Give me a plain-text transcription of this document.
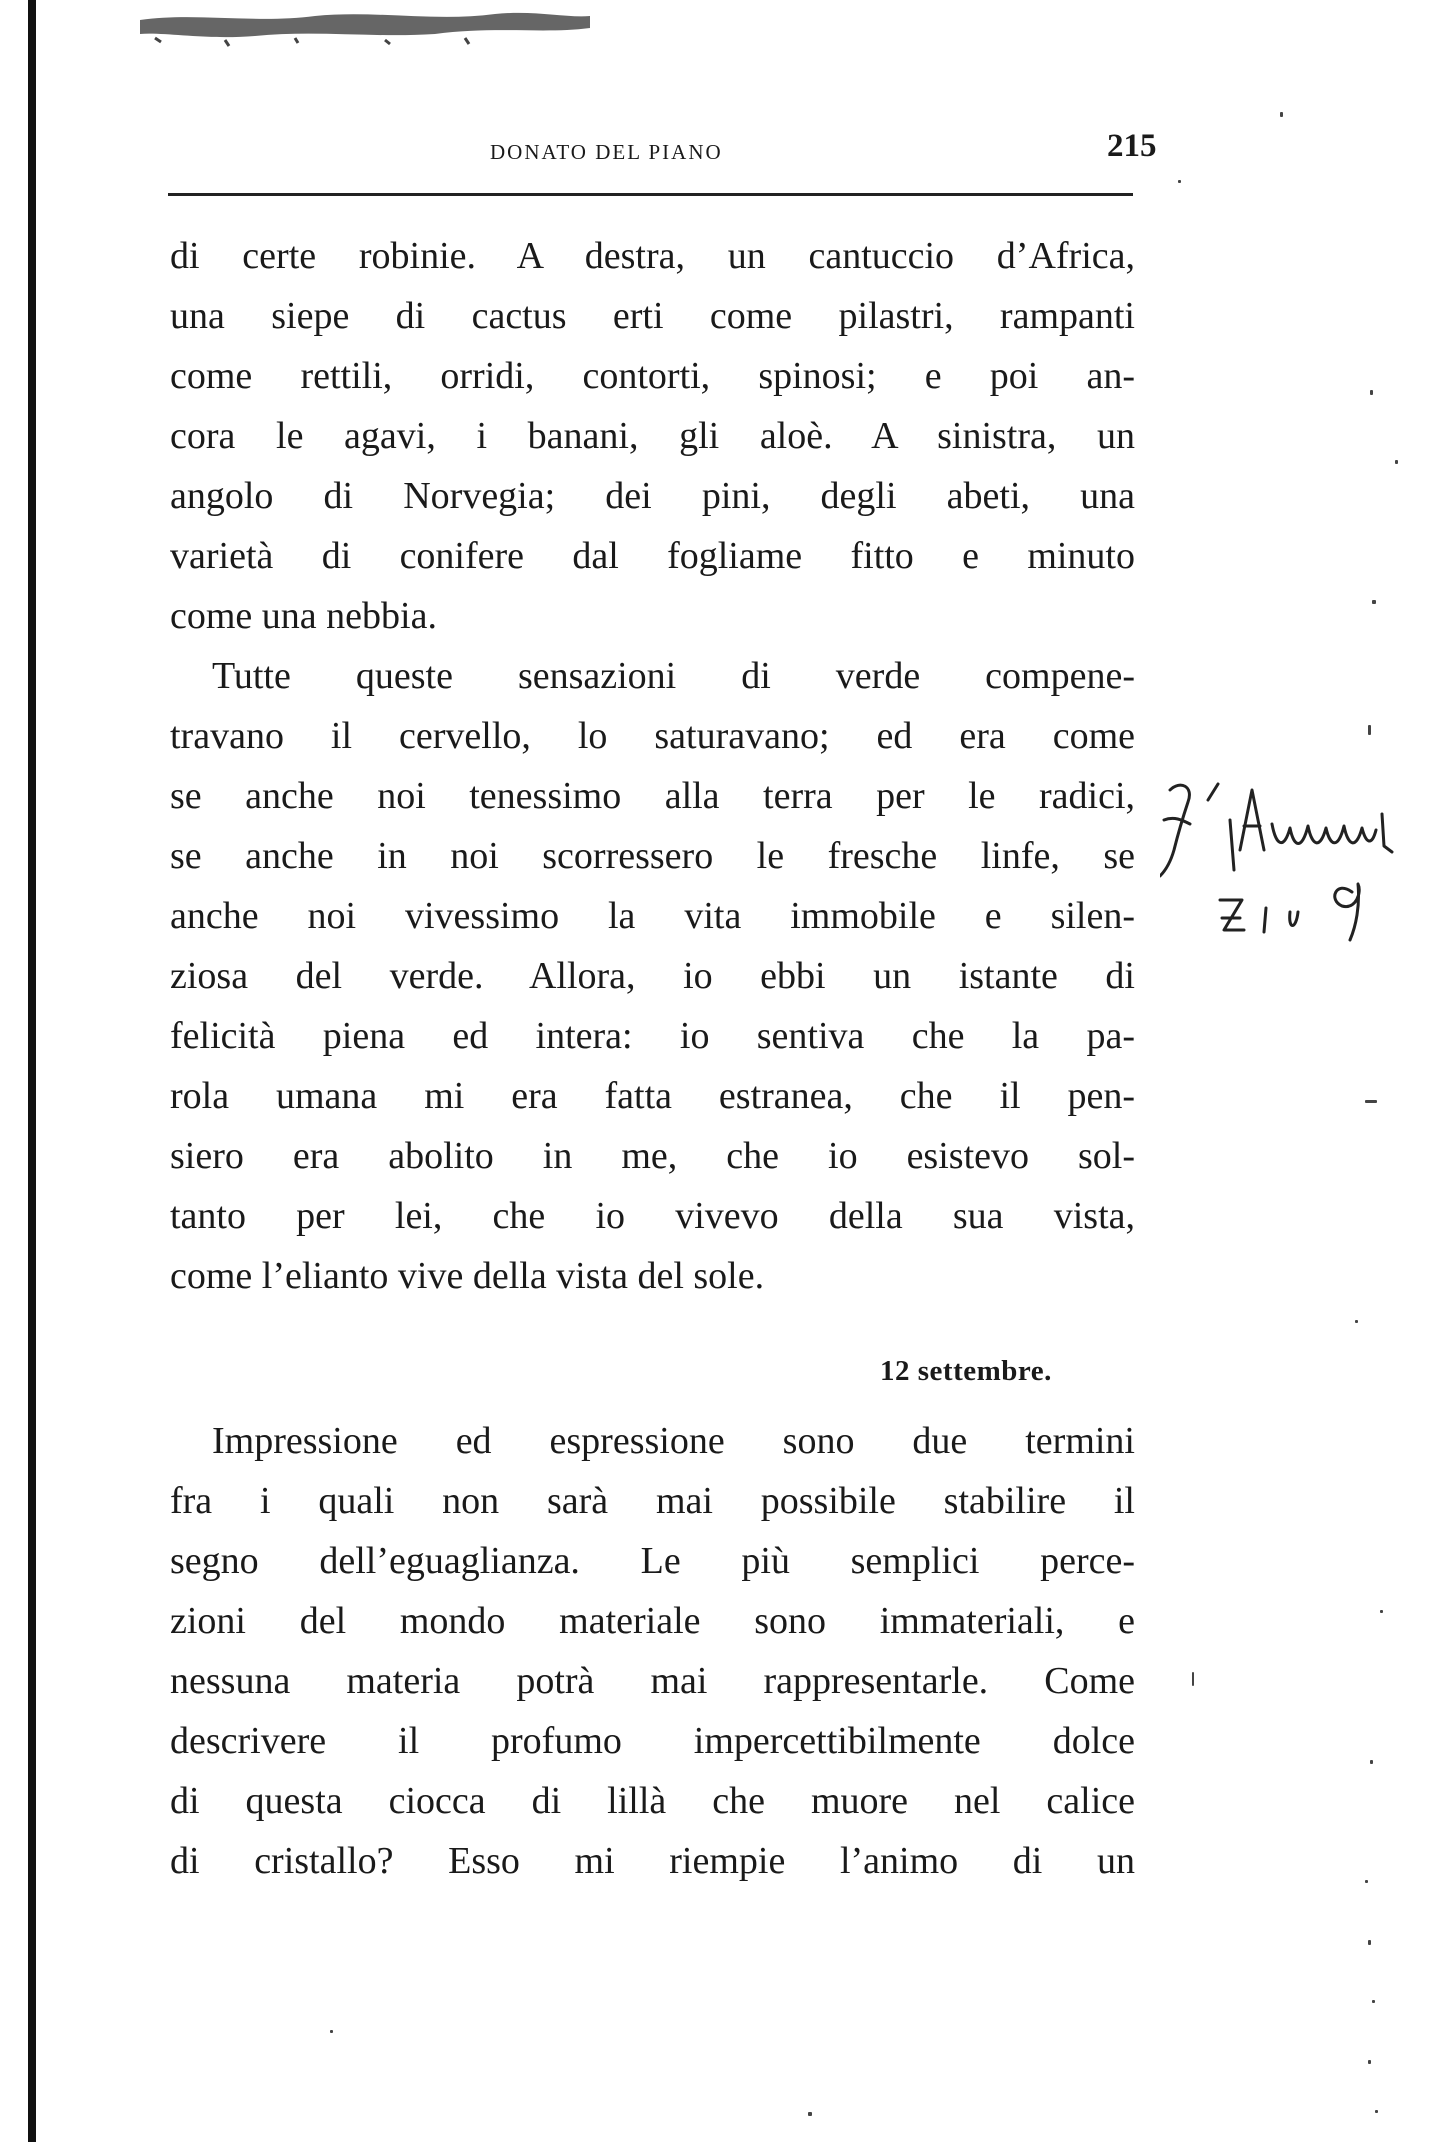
DONATO DEL PIANO	215
di certe robinie. A destra, un cantuccio d’Africa,
una siepe di cactus erti come pilastri, rampanti
come rettili, orridi, contorti, spinosi; e poi an-
cora le agavi, i banani, gli aloè. A sinistra, un
angolo di Norvegia; dei pini, degli abeti, una
varietà di conifere dal fogliame fitto e minuto
come una nebbia.
Tutte queste sensazioni di verde compene-
travano il cervello, lo saturavano; ed era come
se anche noi tenessimo alla terra per le radici,
se anche in noi scorressero le fresche linfe, se
anche noi vivessimo la vita immobile e silen-
ziosa del verde. Allora, io ebbi un istante di
felicità piena ed intera: io sentiva che la pa-
rola umana mi era fatta estranea, che il pen-
siero era abolito in me, che io esistevo sol-
tanto per lei, che io vivevo della sua vista,
come l’elianto vive della vista del sole.
12 settembre.
Impressione ed espressione sono due termini
fra i quali non sarà mai possibile stabilire il
segno dell’eguaglianza. Le più semplici perce-
zioni del mondo materiale sono immateriali, e
nessuna materia potrà mai rappresentarle. Come
descrivere il profumo impercettibilmente dolce
di questa ciocca di lillà che muore nel calice
di cristallo? Esso mi riempie l’animo di un
